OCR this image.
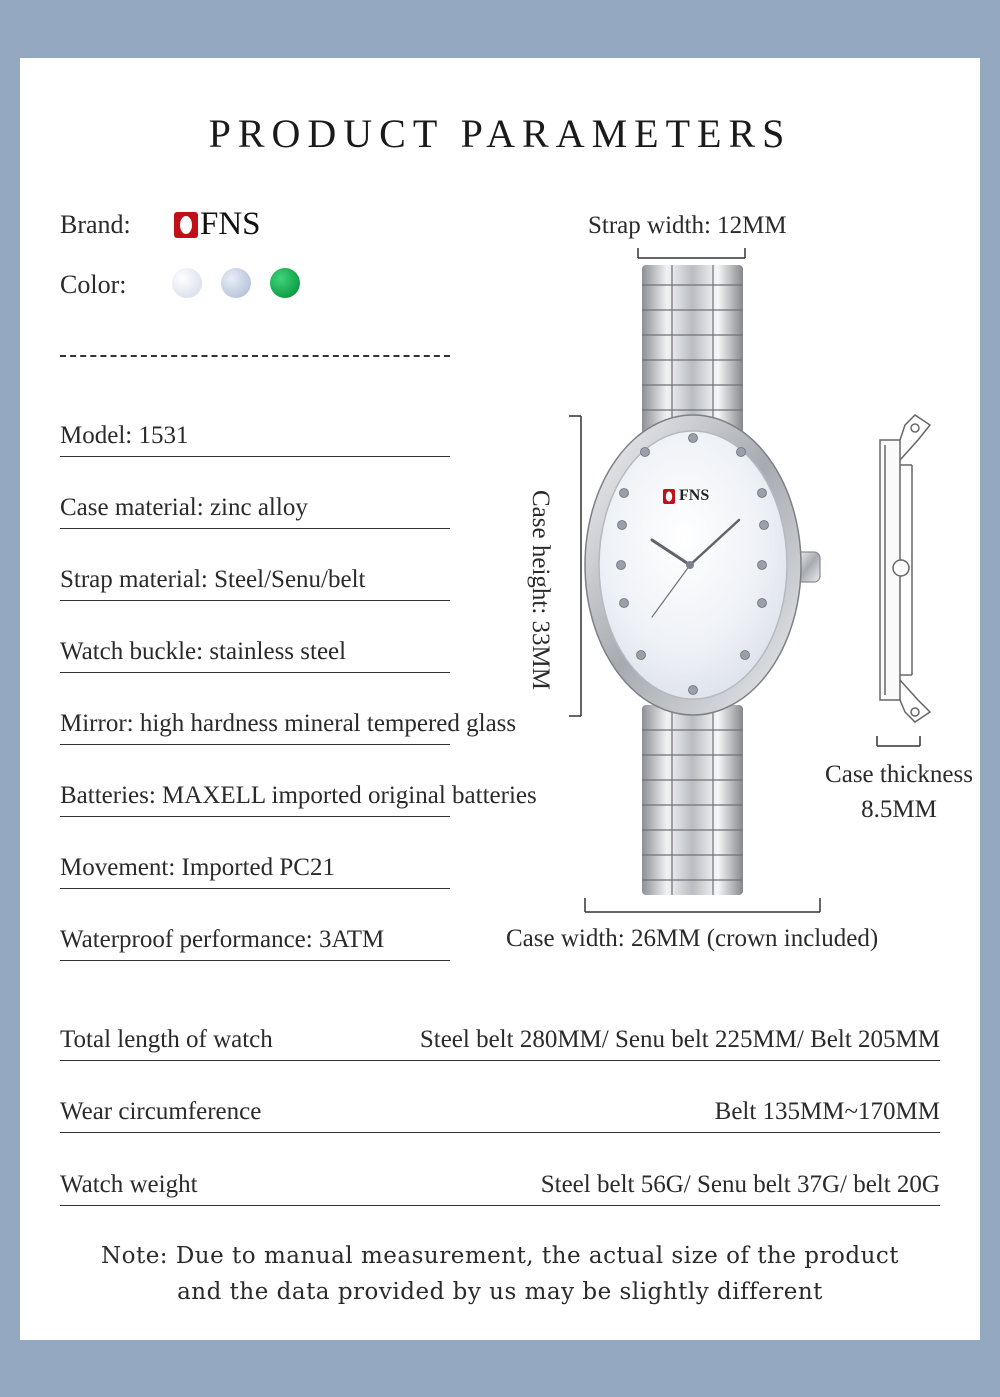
PRODUCT PARAMETERS
Brand: FNS
Color:
Model: 1531
Case material: zinc alloy
Strap material: Steel/Senu/belt
Watch buckle: stainless steel
Mirror: high hardness mineral tempered glass
Batteries: MAXELL imported original batteries
Movement: Imported PC21
Waterproof performance: 3ATM
Strap width: 12MM
Case height: 33MM
Case thickness
8.5MM
Case width: 26MM (crown included)
FNS
Total length of watch	Steel belt 280MM/ Senu belt 225MM/ Belt 205MM
Wear circumference	Belt 135MM~170MM
Watch weight	Steel belt 56G/ Senu belt 37G/ belt 20G
Note: Due to manual measurement, the actual size of the product
and the data provided by us may be slightly different
